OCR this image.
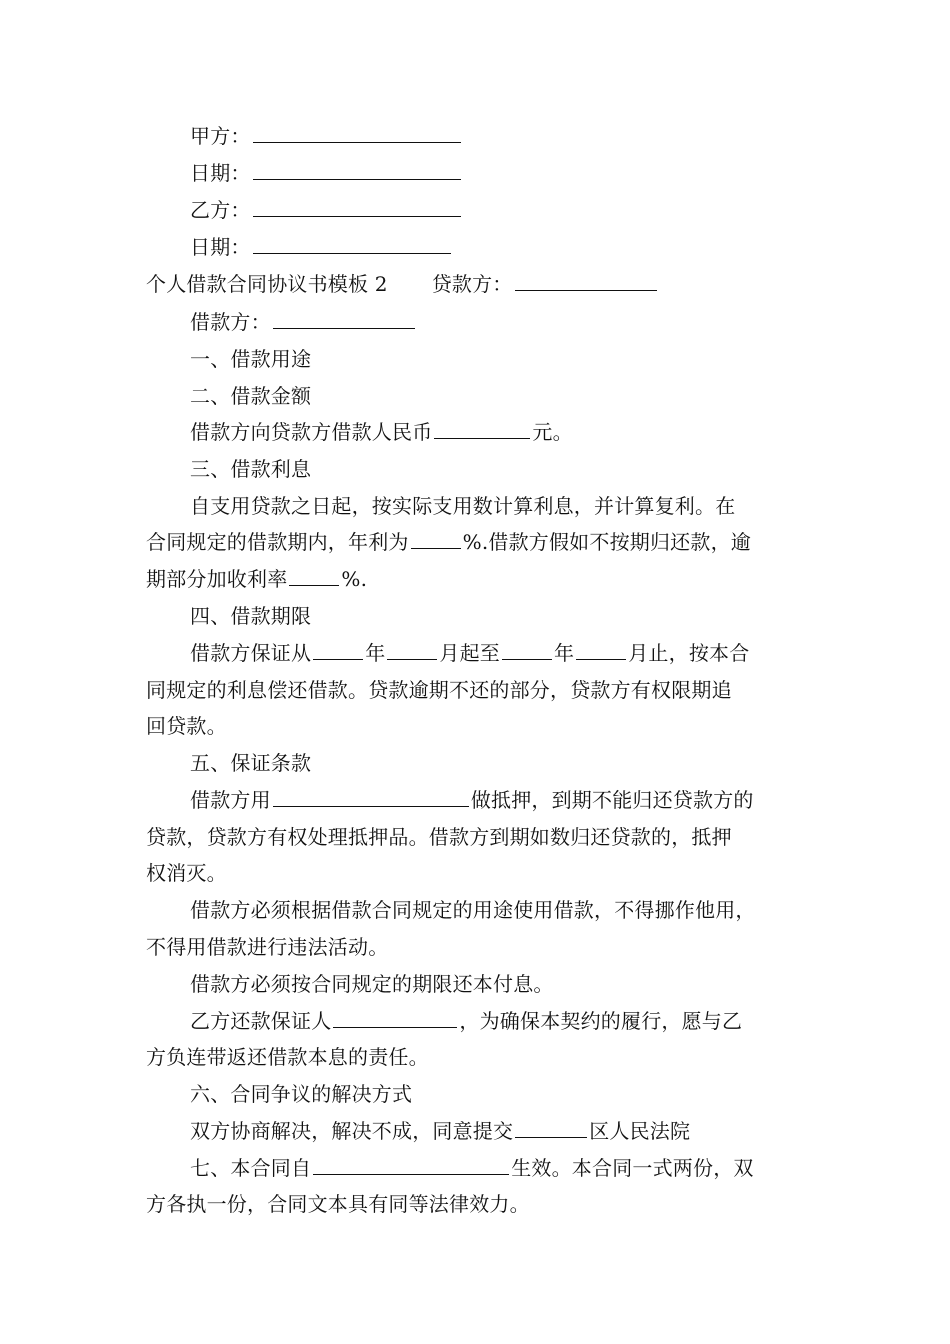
甲方：
日期：
乙方：
日期：
个人借款合同协议书模板 2 贷款方：
借款方：
一、借款用途
二、借款金额
借款方向贷款方借款人民币	元。
三、借款利息
自支用贷款之日起，按实际支用数计算利息，并计算复利。在
合同规定的借款期内，年利为	%.借款方假如不按期归还款，逾
期部分加收利率	%.
四、借款期限
借款方保证从	年	月起至	年	月止，按本合
同规定的利息偿还借款。贷款逾期不还的部分，贷款方有权限期追
回贷款。
五、保证条款
借款方用	做抵押，到期不能归还贷款方的
贷款，贷款方有权处理抵押品。借款方到期如数归还贷款的，抵押
权消灭。
借款方必须根据借款合同规定的用途使用借款，不得挪作他用，
不得用借款进行违法活动。
借款方必须按合同规定的期限还本付息。
乙方还款保证人	，为确保本契约的履行，愿与乙
方负连带返还借款本息的责任。
六、合同争议的解决方式
双方协商解决，解决不成，同意提交	区人民法院
七、本合同自	生效。本合同一式两份，双
方各执一份，合同文本具有同等法律效力。
